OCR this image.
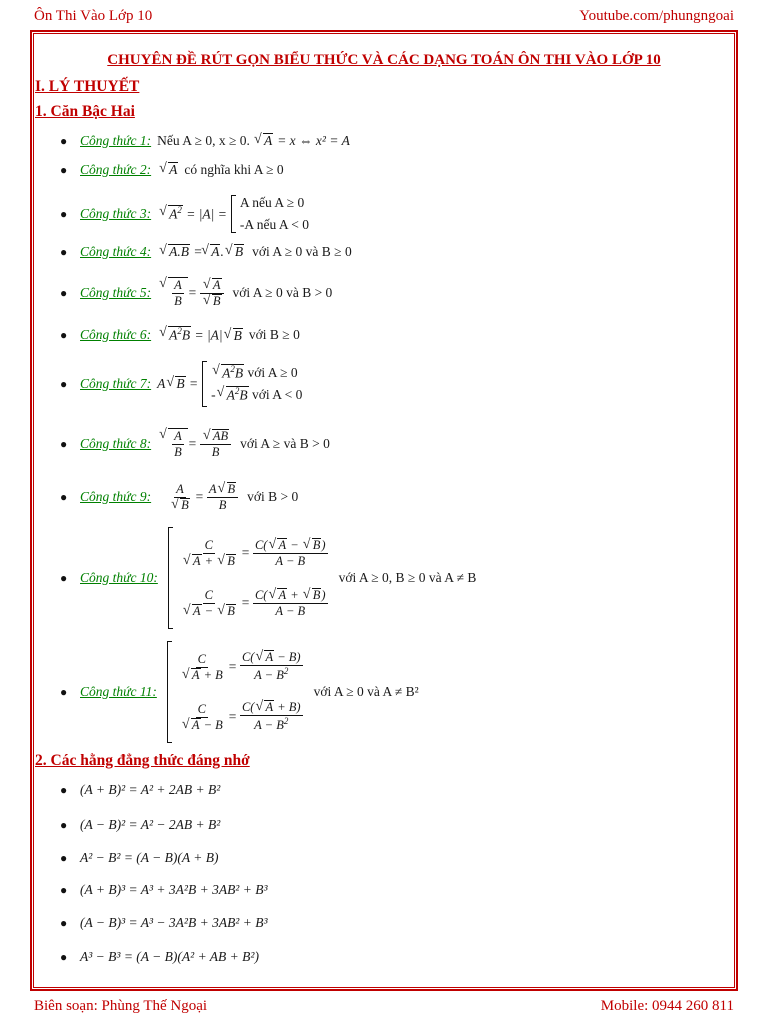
Ôn Thi Vào Lớp 10	Youtube.com/phungngoai
CHUYÊN ĐỀ RÚT GỌN BIỂU THỨC VÀ CÁC DẠNG TOÁN ÔN THI VÀO LỚP 10
I. LÝ THUYẾT
1. Căn Bậc Hai
● Công thức 1: Nếu A ≥ 0, x ≥ 0.
√ A = x ⇔ x² = A
● Công thức 2:
√ A có nghĩa khi A ≥ 0
● Công thức 3:
√ $A^2 = |A|$ =
A nếu A ≥ 0
-A nếu A < 0
● Công thức 4:
√ A.B =  √ A.√ B với A ≥ 0 và B ≥ 0
● Công thức 5:
√ $\frac{A}{B}$ =
√ A
√ B với A ≥ 0 và B > 0
● Công thức 6:
√ $A^2B = |A|√$ B với B ≥ 0
● Công thức 7: A√ B =
√ $A^2B$ với A ≥ 0
-√ $A^2B$ với A < 0
● Công thức 8:
√ $\frac{A}{B}$ =
√ $\frac{AB}{B}$ với A ≥ và B > 0
● Công thức 9: A
√ $B = \frac{A√ B}{B}$ với B > 0
● Công thức 10:
C
√ A + √ $B = \frac{C(√ A - √ B)}{A - B}$
C
√ A − √ $B = \frac{C(√ A + √ B)}{A - B}$
với A ≥ 0, B ≥ 0 và A ≠ B
● Công thức 11:
C
√ $A + B = \frac{C(√ A - B)}{A - B^2}$
C
√ $A - B = \frac{C(√ A + B)}{A - B^2}$
với A ≥ 0 và A ≠ B²
2. Các hằng đẳng thức đáng nhớ
● (A + B)² = A² + 2AB + B²
● (A − B)² = A² − 2AB + B²
● A² − B² = (A − B)(A + B)
● (A + B)³ = A³ + 3A²B + 3AB² + B³
● (A − B)³ = A³ − 3A²B + 3AB² + B³
● A³ − B³ = (A − B)(A² + AB + B²)
Biên soạn: Phùng Thế Ngoại	Mobile: 0944 260 811
